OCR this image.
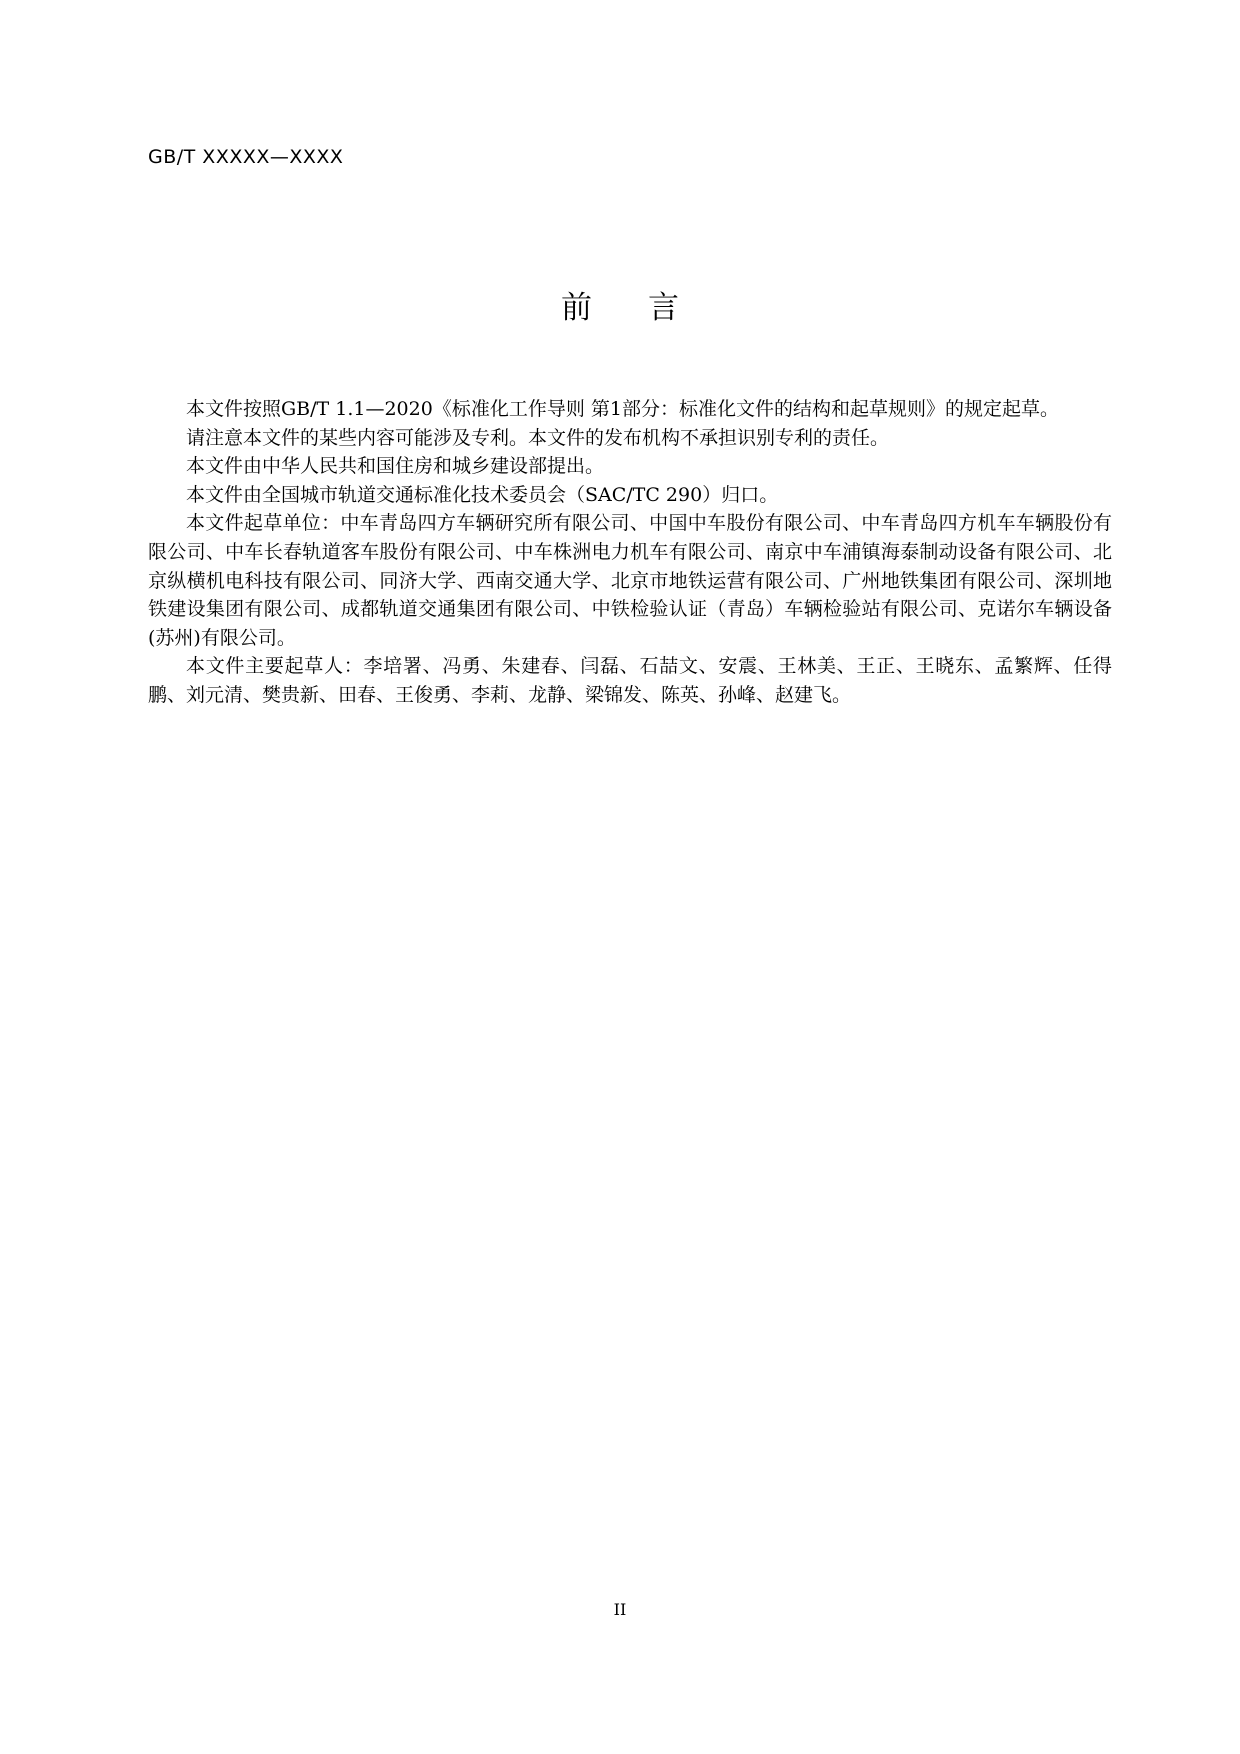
GB/T XXXXX—XXXX
前言

本文件按照GB/T 1.1—2020《标准化工作导则 第1部分：标准化文件的结构和起草规则》的规定起草。

请注意本文件的某些内容可能涉及专利。本文件的发布机构不承担识别专利的责任。

本文件由中华人民共和国住房和城乡建设部提出。

本文件由全国城市轨道交通标准化技术委员会（SAC/TC 290）归口。

本文件起草单位：中车青岛四方车辆研究所有限公司、中国中车股份有限公司、中车青岛四方机车车辆股份有限公司、中车长春轨道客车股份有限公司、中车株洲电力机车有限公司、南京中车浦镇海泰制动设备有限公司、北京纵横机电科技有限公司、同济大学、西南交通大学、北京市地铁运营有限公司、广州地铁集团有限公司、深圳地铁建设集团有限公司、成都轨道交通集团有限公司、中铁检验认证（青岛）车辆检验站有限公司、克诺尔车辆设备(苏州)有限公司。

本文件主要起草人：李培署、冯勇、朱建春、闫磊、石喆文、安震、王林美、王正、王晓东、孟繁辉、任得鹏、刘元清、樊贵新、田春、王俊勇、李莉、龙静、梁锦发、陈英、孙峰、赵建飞。

II
